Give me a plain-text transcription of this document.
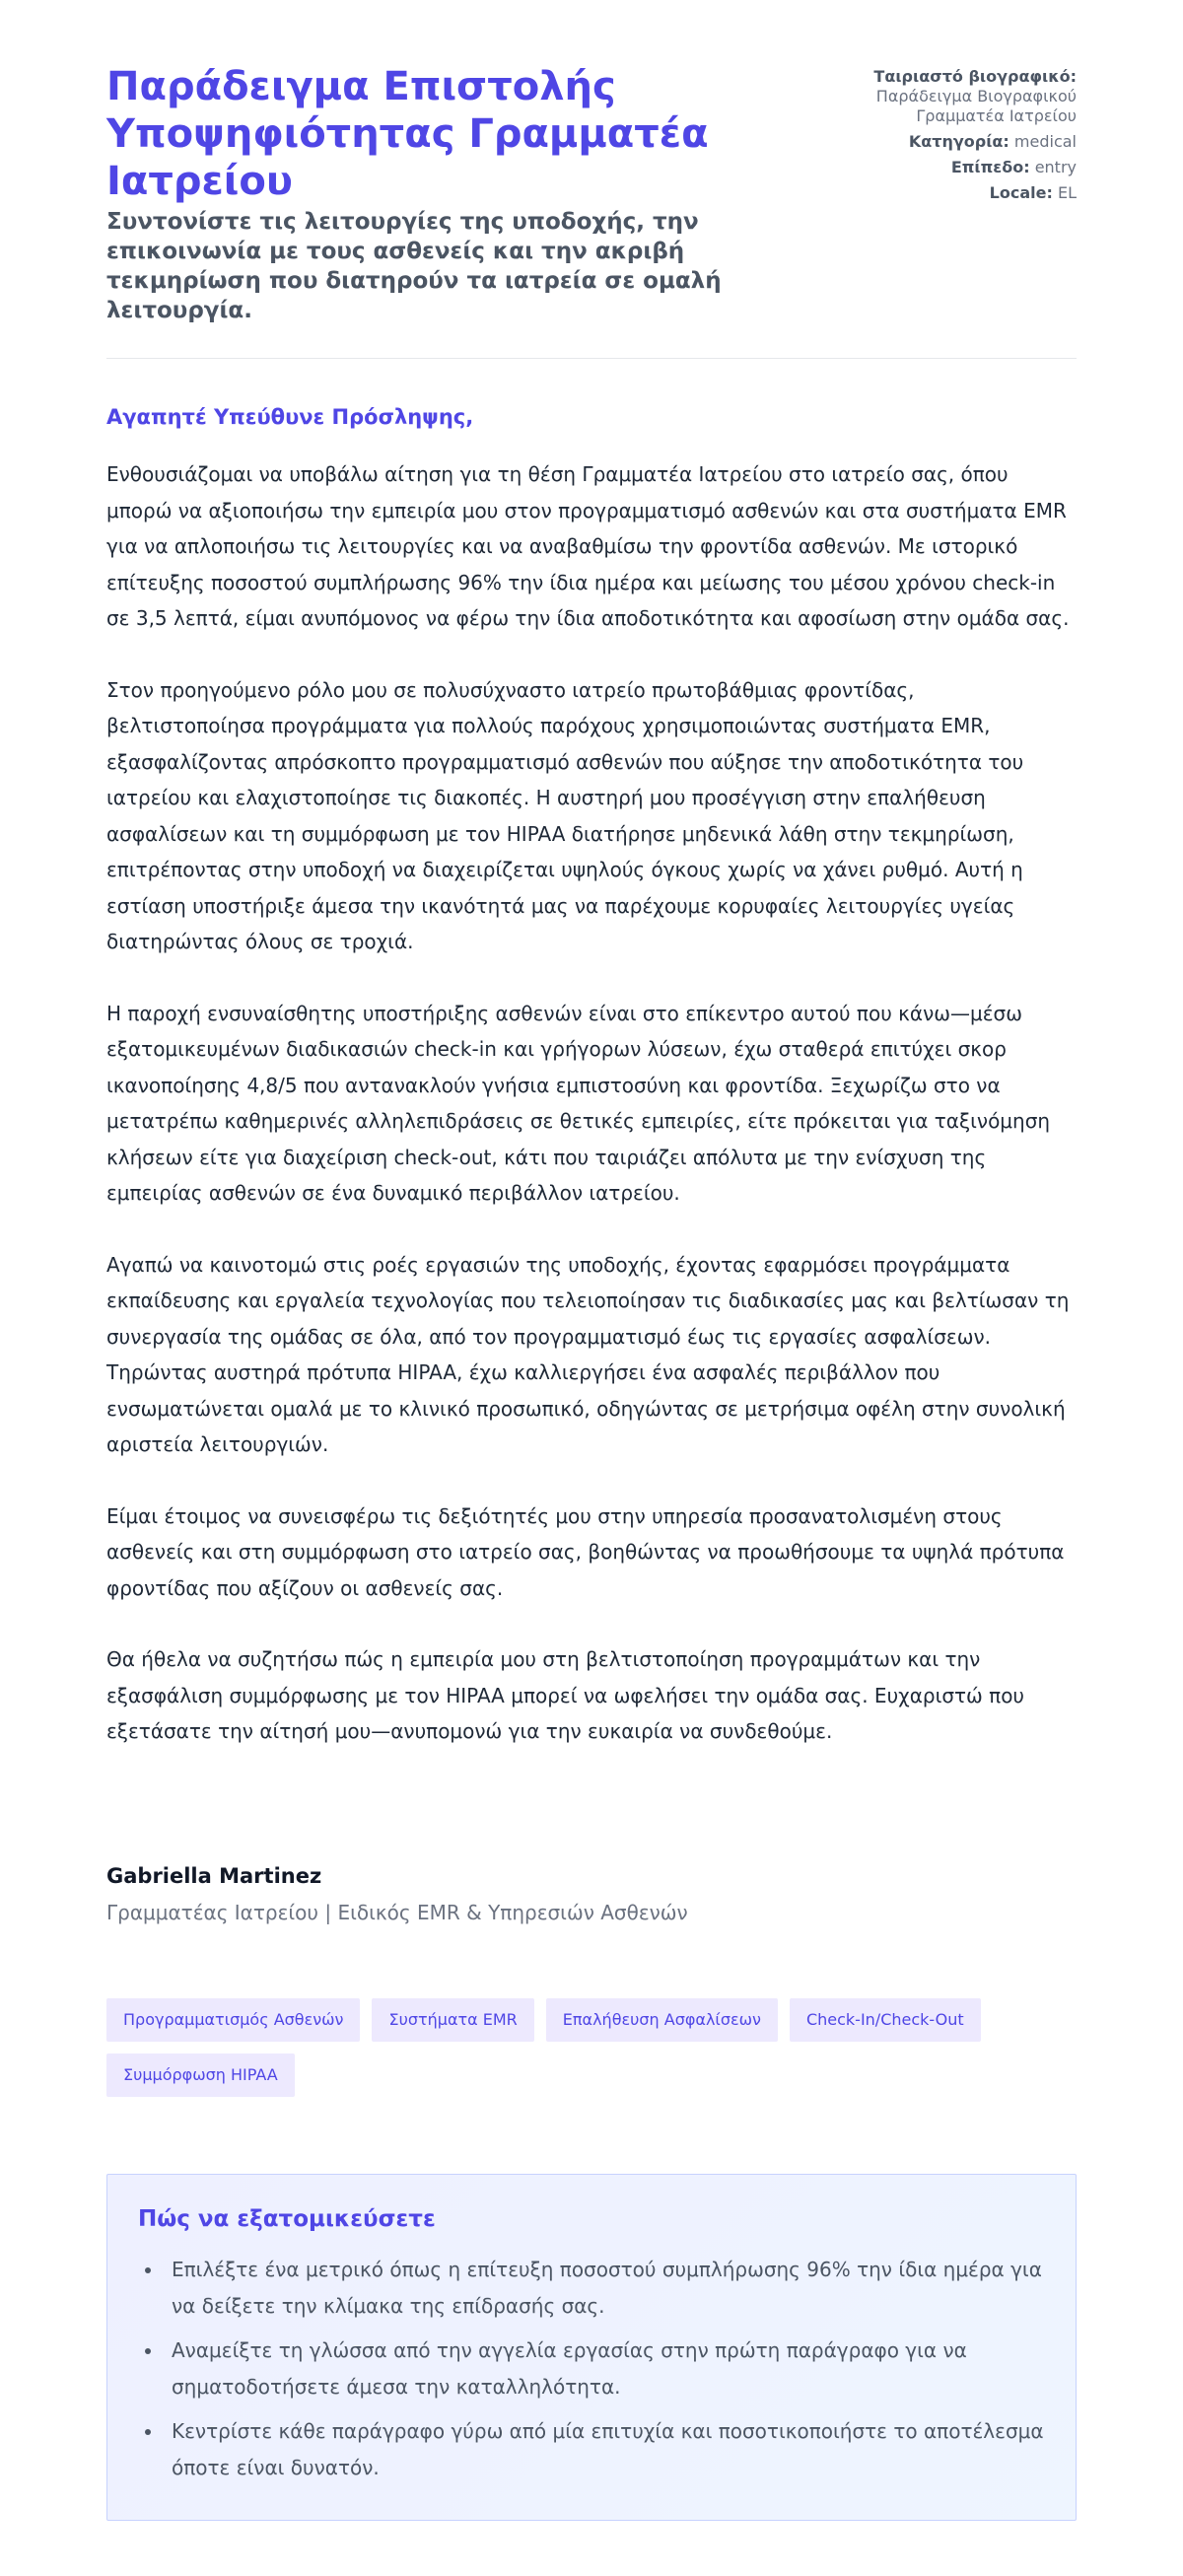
Παράδειγμα Επιστολής Υποψηφιότητας Γραμματέα Ιατρείου

Συντονίστε τις λειτουργίες της υποδοχής, την επικοινωνία με τους ασθενείς και την ακριβή τεκμηρίωση που διατηρούν τα ιατρεία σε ομαλή λειτουργία.

Ταιριαστό βιογραφικό: Παράδειγμα Βιογραφικού Γραμματέα Ιατρείου
Κατηγορία: medical
Επίπεδο: entry
Locale: EL

Αγαπητέ Υπεύθυνε Πρόσληψης,

Ενθουσιάζομαι να υποβάλω αίτηση για τη θέση Γραμματέα Ιατρείου στο ιατρείο σας, όπου μπορώ να αξιοποιήσω την εμπειρία μου στον προγραμματισμό ασθενών και στα συστήματα EMR για να απλοποιήσω τις λειτουργίες και να αναβαθμίσω την φροντίδα ασθενών. Με ιστορικό επίτευξης ποσοστού συμπλήρωσης 96% την ίδια ημέρα και μείωσης του μέσου χρόνου check-in σε 3,5 λεπτά, είμαι ανυπόμονος να φέρω την ίδια αποδοτικότητα και αφοσίωση στην ομάδα σας.

Στον προηγούμενο ρόλο μου σε πολυσύχναστο ιατρείο πρωτοβάθμιας φροντίδας, βελτιστοποίησα προγράμματα για πολλούς παρόχους χρησιμοποιώντας συστήματα EMR, εξασφαλίζοντας απρόσκοπτο προγραμματισμό ασθενών που αύξησε την αποδοτικότητα του ιατρείου και ελαχιστοποίησε τις διακοπές. Η αυστηρή μου προσέγγιση στην επαλήθευση ασφαλίσεων και τη συμμόρφωση με τον HIPAA διατήρησε μηδενικά λάθη στην τεκμηρίωση, επιτρέποντας στην υποδοχή να διαχειρίζεται υψηλούς όγκους χωρίς να χάνει ρυθμό. Αυτή η εστίαση υποστήριξε άμεσα την ικανότητά μας να παρέχουμε κορυφαίες λειτουργίες υγείας διατηρώντας όλους σε τροχιά.

Η παροχή ενσυναίσθητης υποστήριξης ασθενών είναι στο επίκεντρο αυτού που κάνω—μέσω εξατομικευμένων διαδικασιών check-in και γρήγορων λύσεων, έχω σταθερά επιτύχει σκορ ικανοποίησης 4,8/5 που αντανακλούν γνήσια εμπιστοσύνη και φροντίδα. Ξεχωρίζω στο να μετατρέπω καθημερινές αλληλεπιδράσεις σε θετικές εμπειρίες, είτε πρόκειται για ταξινόμηση κλήσεων είτε για διαχείριση check-out, κάτι που ταιριάζει απόλυτα με την ενίσχυση της εμπειρίας ασθενών σε ένα δυναμικό περιβάλλον ιατρείου.

Αγαπώ να καινοτομώ στις ροές εργασιών της υποδοχής, έχοντας εφαρμόσει προγράμματα εκπαίδευσης και εργαλεία τεχνολογίας που τελειοποίησαν τις διαδικασίες μας και βελτίωσαν τη συνεργασία της ομάδας σε όλα, από τον προγραμματισμό έως τις εργασίες ασφαλίσεων. Τηρώντας αυστηρά πρότυπα HIPAA, έχω καλλιεργήσει ένα ασφαλές περιβάλλον που ενσωματώνεται ομαλά με το κλινικό προσωπικό, οδηγώντας σε μετρήσιμα οφέλη στην συνολική αριστεία λειτουργιών.

Είμαι έτοιμος να συνεισφέρω τις δεξιότητές μου στην υπηρεσία προσανατολισμένη στους ασθενείς και στη συμμόρφωση στο ιατρείο σας, βοηθώντας να προωθήσουμε τα υψηλά πρότυπα φροντίδας που αξίζουν οι ασθενείς σας.

Θα ήθελα να συζητήσω πώς η εμπειρία μου στη βελτιστοποίηση προγραμμάτων και την εξασφάλιση συμμόρφωσης με τον HIPAA μπορεί να ωφελήσει την ομάδα σας. Ευχαριστώ που εξετάσατε την αίτησή μου—ανυπομονώ για την ευκαιρία να συνδεθούμε.

Gabriella Martinez

Γραμματέας Ιατρείου | Ειδικός EMR & Υπηρεσιών Ασθενών

Προγραμματισμός Ασθενών	Συστήματα EMR	Επαλήθευση Ασφαλίσεων	Check-In/Check-Out
Συμμόρφωση HIPAA
Πώς να εξατομικεύσετε
• Επιλέξτε ένα μετρικό όπως η επίτευξη ποσοστού συμπλήρωσης 96% την ίδια ημέρα για να δείξετε την κλίμακα της επίδρασής σας.
• Αναμείξτε τη γλώσσα από την αγγελία εργασίας στην πρώτη παράγραφο για να σηματοδοτήσετε άμεσα την καταλληλότητα.
• Κεντρίστε κάθε παράγραφο γύρω από μία επιτυχία και ποσοτικοποιήστε το αποτέλεσμα όποτε είναι δυνατόν.
